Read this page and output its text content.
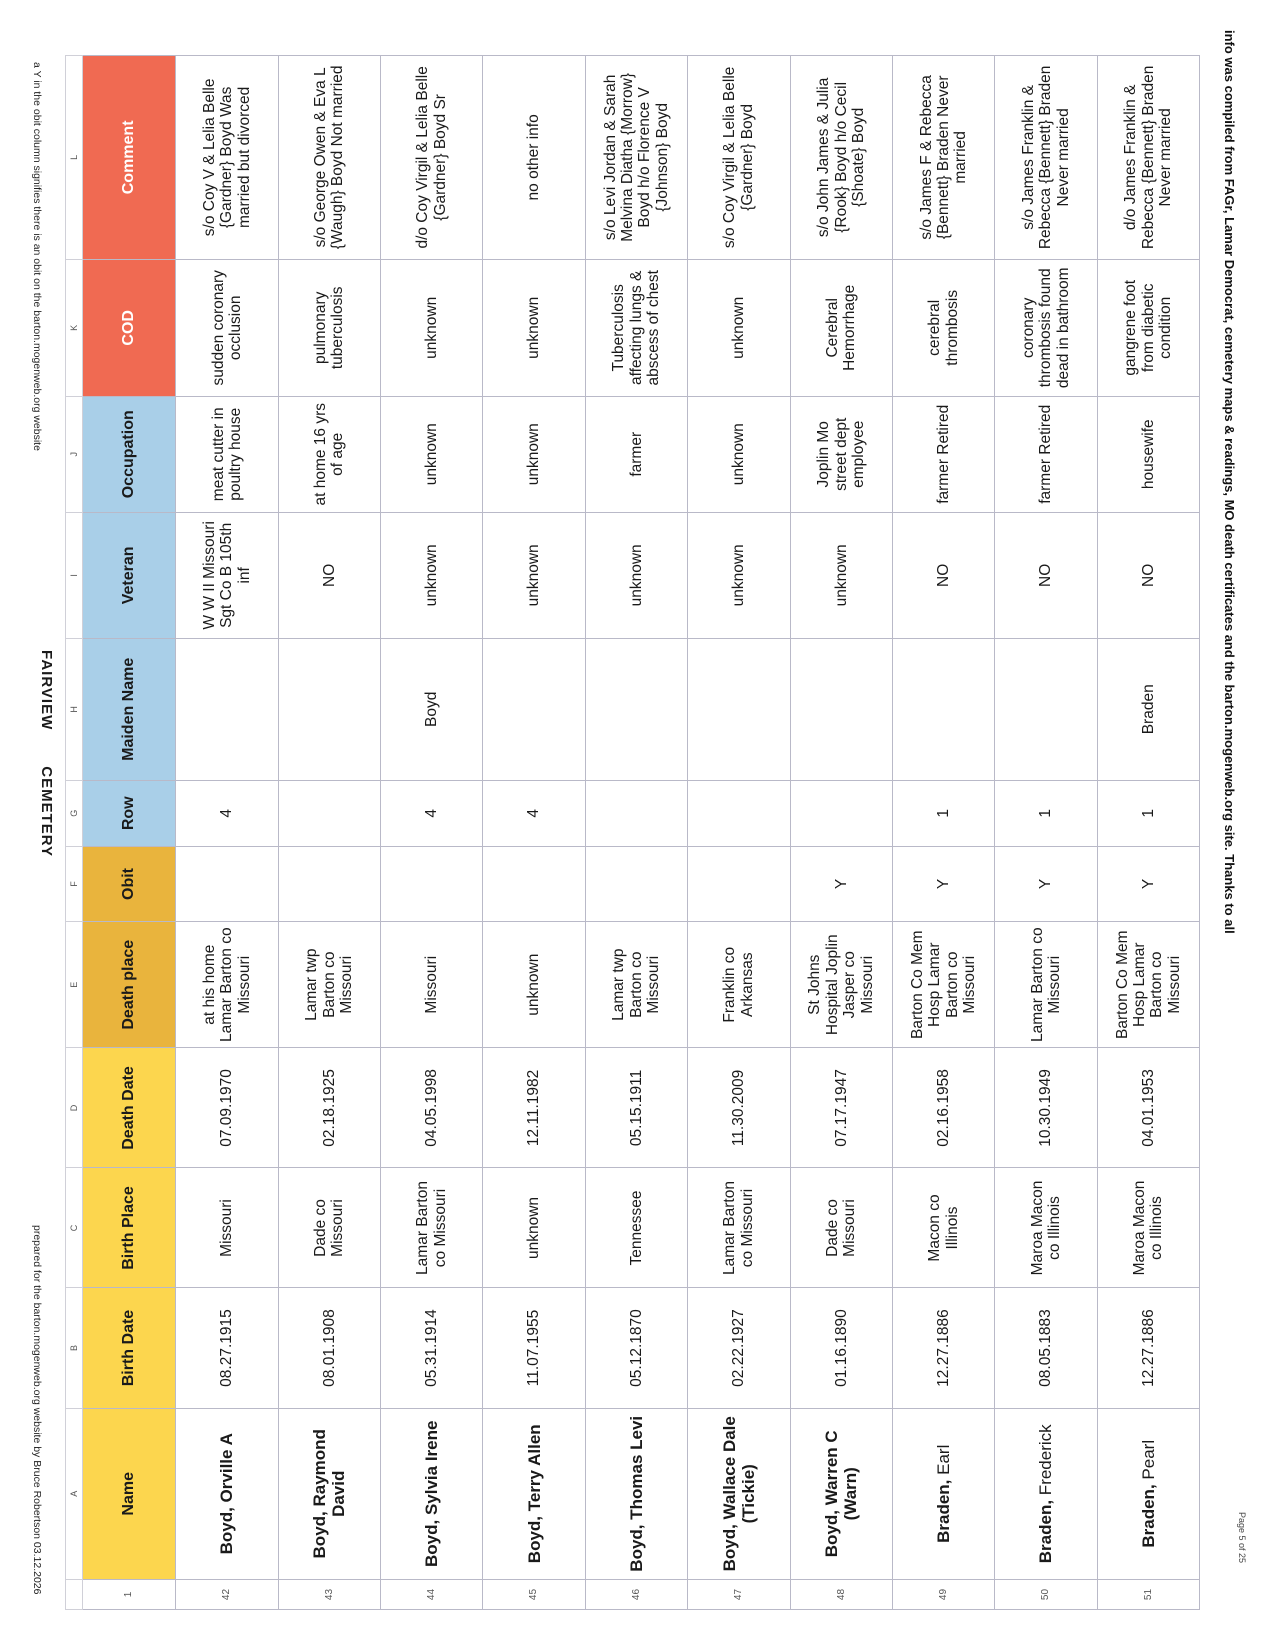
a Y in the obit column signifies there is an obit on the barton.mogenweb.org website
FAIRVIEWCEMETERY
prepared for the barton.mogenweb.org website by Bruce Robertson 03.12.2026
		A	B	C	D	E	F	G	H	I	J	K	L
1	Name	Birth Date	Birth Place	Death Date	Death place	Obit	Row	Maiden Name	Veteran	Occupation	COD	Comment
42	Boyd, Orville A	08.27.1915	Missouri	07.09.1970	at his home Lamar Barton co Missouri		4		W W II Missouri Sgt Co B 105th inf	meat cutter in poultry house	sudden coronary occlusion	s/o Coy V & Lelia Belle {Gardner} Boyd Was married but divorced
43	Boyd, Raymond David	08.01.1908	Dade co Missouri	02.18.1925	Lamar twp Barton co Missouri				NO	at home 16 yrs of age	pulmonary tuberculosis	s/o George Owen & Eva L {Waugh} Boyd Not married
44	Boyd, Sylvia Irene	05.31.1914	Lamar Barton co Missouri	04.05.1998	Missouri		4	Boyd	unknown	unknown	unknown	d/o Coy Virgil & Lelia Belle {Gardner} Boyd Sr
45	Boyd, Terry Allen	11.07.1955	unknown	12.11.1982	unknown		4		unknown	unknown	unknown	no other info
46	Boyd, Thomas Levi	05.12.1870	Tennessee	05.15.1911	Lamar twp Barton co Missouri				unknown	farmer	Tuberculosis affecting lungs & abscess of chest	s/o Levi Jordan & Sarah Melvina Diatha {Morrow} Boyd h/o Florence V {Johnson} Boyd
47	Boyd, Wallace Dale (Tickie)	02.22.1927	Lamar Barton co Missouri	11.30.2009	Franklin co Arkansas				unknown	unknown	unknown	s/o Coy Virgil & Lelia Belle {Gardner} Boyd
48	Boyd, Warren C (Warn)	01.16.1890	Dade co Missouri	07.17.1947	St Johns Hospital Joplin Jasper co Missouri	Y			unknown	Joplin Mo street dept employee	Cerebral Hemorrhage	s/o John James & Julia {Rook} Boyd h/o Cecil {Shoate} Boyd
49	Braden, Earl	12.27.1886	Macon co Illinois	02.16.1958	Barton Co Mem Hosp Lamar Barton co Missouri	Y	1		NO	farmer Retired	cerebral thrombosis	s/o James F & Rebecca {Bennett} Braden Never married
50	Braden, Frederick	08.05.1883	Maroa Macon co Illinois	10.30.1949	Lamar Barton co Missouri	Y	1		NO	farmer Retired	coronary thrombosis found dead in bathroom	s/o James Franklin & Rebecca {Bennett} Braden Never married
51	Braden, Pearl	12.27.1886	Maroa Macon co Illinois	04.01.1953	Barton Co Mem Hosp Lamar Barton co Missouri	Y	1	Braden	NO	housewife	gangrene foot from diabetic condition	d/o James Franklin & Rebecca {Bennett} Braden Never married	info was compiled from FAGr, Lamar Democrat, cemetery maps & readings, MO death certificates and the barton.mogenweb.org site. Thanks to all
Page 5 of 25
